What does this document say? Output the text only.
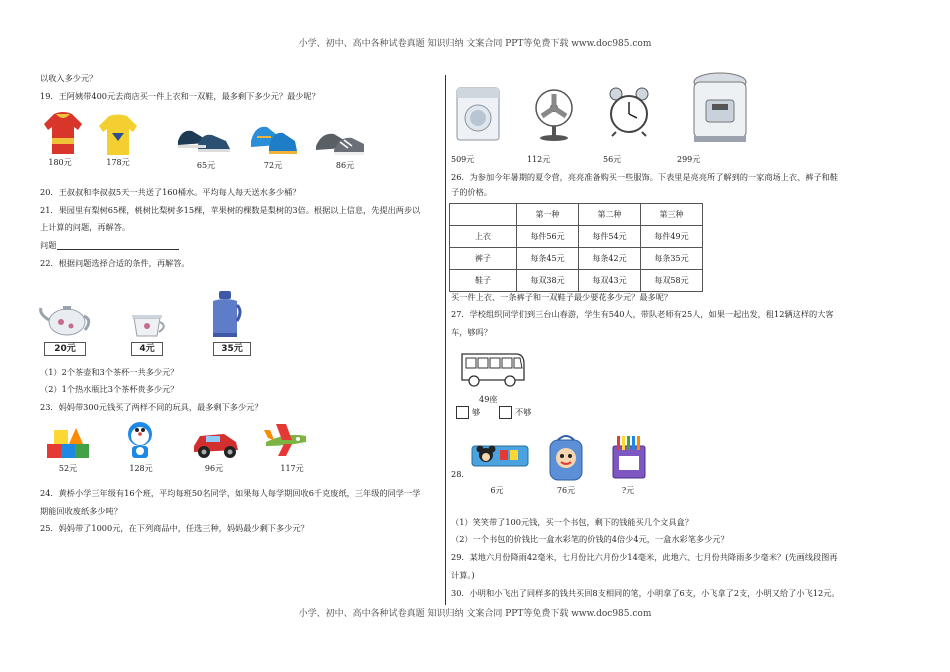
小学、初中、高中各种试卷真题 知识归纳 文案合同 PPT等免费下载 www.doc985.com
以收入多少元？
19．王阿姨带400元去商店买一件上衣和一双鞋，最多剩下多少元？最少呢？
180元	178元	65元	72元	86元
20．王叔叔和李叔叔5天一共送了160桶水。平均每人每天送水多少桶？
21．果园里有梨树65棵，桃树比梨树多15棵，苹果树的棵数是梨树的3倍。根据以上信息，先提出两步以
上计算的问题，再解答。
问题
22．根据问题选择合适的条件，再解答。
20元	4元	35元
（1）2个茶壶和3个茶杯一共多少元？
（2）1个热水瓶比3个茶杯贵多少元？
23．妈妈带300元钱买了两样不同的玩具，最多剩下多少元？
52元	128元	96元	117元
24．黄桥小学三年级有16个班，平均每班50名同学，如果每人每学期回收6千克废纸，三年级的同学一学
期能回收废纸多少吨？
25．妈妈带了1000元，在下列商品中，任选三种，妈妈最少剩下多少元？
509元	112元	56元	299元
26．为参加今年暑期的夏令营，亮亮准备购买一些服饰。下表里是亮亮所了解到的一家商场上衣、裤子和鞋
子的价格。
	第一种	第二种	第三种
上衣	每件56元	每件54元	每件49元
裤子	每条45元	每条42元	每条35元
鞋子	每双38元	每双43元	每双58元
买一件上衣、一条裤子和一双鞋子最少要花多少元？最多呢？
27．学校组织同学们到三台山春游，学生有540人，带队老师有25人，如果一起出发，租12辆这样的大客
车，够吗？
49座
够	不够
28．
6元	76元	?元
（1）笑笑带了100元钱，买一个书包，剩下的钱能买几个文具盒？
（2）一个书包的价钱比一盒水彩笔的价钱的4倍少4元，一盒水彩笔多少元？
29．某地六月份降雨42毫米，七月份比六月份少14毫米，此地六、七月份共降雨多少毫米？(先画线段图再
计算。)
30．小明和小飞出了同样多的钱共买回8支相同的笔，小明拿了6支，小飞拿了2支，小明又给了小飞12元。
小学、初中、高中各种试卷真题 知识归纳 文案合同 PPT等免费下载 www.doc985.com
